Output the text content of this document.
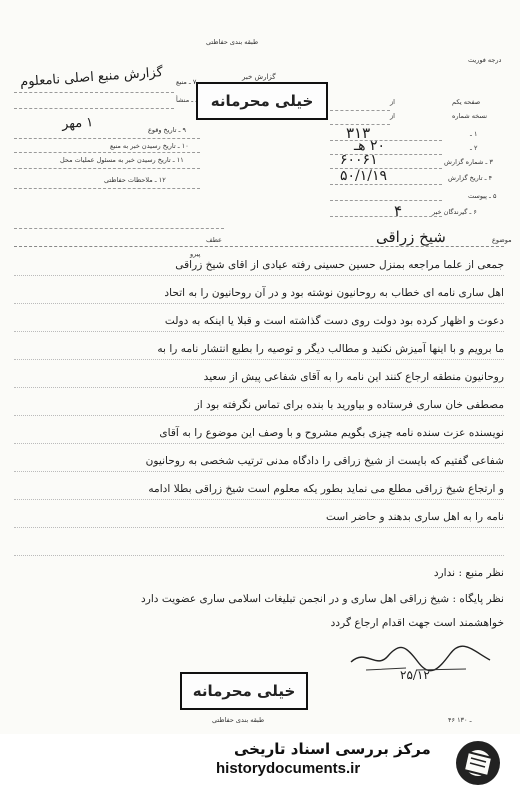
طبقه بندی حفاظتی
درجه فوریت
گزارش منبع اصلی نامعلوم ۷ ـ منبع
ـ منشأ
۱ مهر	۹ ـ تاریخ وقوع
۱۰ ـ تاریخ رسیدن خبر به منبع
۱۱ ـ تاریخ رسیدن خبر به مسئول عملیات محل
۱۲ ـ ملاحظات حفاظتی
خیلی محرمانه
گزارش خبر
صفحه یکم
نسخه شماره
از
از
۱ ـ
۲ ـ
۳ ـ شماره گزارش
۴ ـ تاریخ گزارش
۵ ـ پیوست
۶ ـ گیرندگان خبر
۳۱۳
۲۰ هـ
۶۰۰۶۱
۵۰/۱/۱۹
۴
موضوع
شیخ زراقی
عطف
پیرو
جمعی از علما مراجعه بمنزل حسین حسینی رفته عیادی از اقای شیخ زراقی
اهل ساری نامه ای خطاب به روحانیون نوشته بود و در آن روحانیون را به اتحاد
دعوت و اظهار کرده بود دولت روی دست گذاشته است و قبلا یا اینکه به دولت
ما برویم و با اینها آمیزش نکنید و مطالب دیگر و توصیه را بطبع انتشار نامه را به
روحانیون منطقه ارجاع کنند این نامه را به آقای شفاعی پیش از سعید
مصطفی خان ساری فرستاده و بیاورید با بنده برای تماس نگرفته بود از
نویسنده عزت سنده نامه چیزی بگویم مشروح و با وصف این موضوع را به آقای
شفاعی گفتیم که بایست از شیخ زراقی را دادگاه مدنی ترتیب شخصی به روحانیون
و ارتجاع شیخ زراقی مطلع می نماید بطور یکه معلوم است شیخ زراقی بطلا ادامه
نامه را به اهل ساری بدهند و حاضر است
نظر منبع : ندارد
نظر پایگاه : شیخ زراقی اهل ساری و در انجمن تبلیغات اسلامی ساری عضویت دارد
خواهشمند است جهت اقدام ارجاع گردد
۲۵/۱۲
خیلی محرمانه
طبقه بندی حفاظتی	۴۶ ـ ۱۳۰
مرکز بررسی اسناد تاریخی
historydocuments.ir
